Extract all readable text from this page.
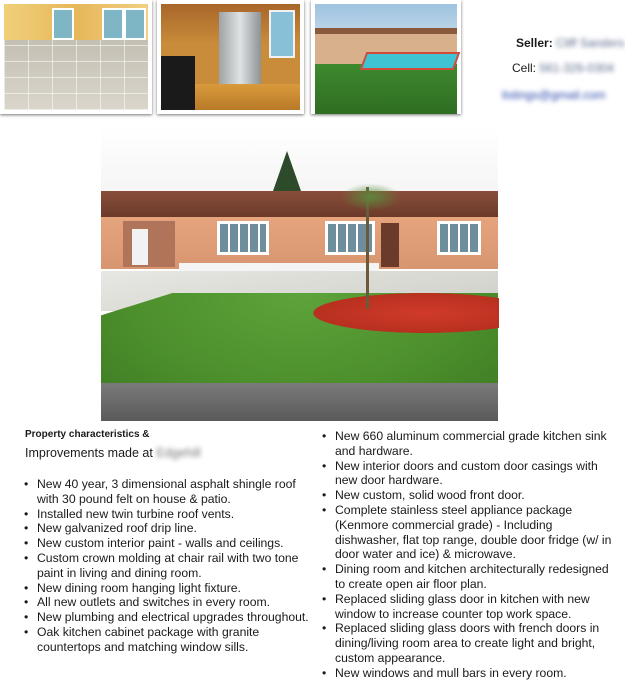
Seller: Cliff Sanders
Cell: 561-326-0304
listings@gmail.com
Property characteristics &
Improvements made at Edgehill
• New 40 year, 3 dimensional asphalt shingle roof with 30 pound felt on house & patio.
• Installed new twin turbine roof vents.
• New galvanized roof drip line.
• New custom interior paint - walls and ceilings.
• Custom crown molding at chair rail with two tone paint in living and dining room.
• New dining room hanging light fixture.
• All new outlets and switches in every room.
• New plumbing and electrical upgrades throughout.
• Oak kitchen cabinet package with granite countertops and matching window sills.
• New 660 aluminum commercial grade kitchen sink and hardware.
• New interior doors and custom door casings with new door hardware.
• New custom, solid wood front door.
• Complete stainless steel appliance package (Kenmore commercial grade) - Including dishwasher, flat top range, double door fridge (w/ in door water and ice) & microwave.
• Dining room and kitchen architecturally redesigned to create open air floor plan.
• Replaced sliding glass door in kitchen with new window to increase counter top work space.
• Replaced sliding glass doors with french doors in dining/living room area to create light and bright, custom appearance.
• New windows and mull bars in every room.
